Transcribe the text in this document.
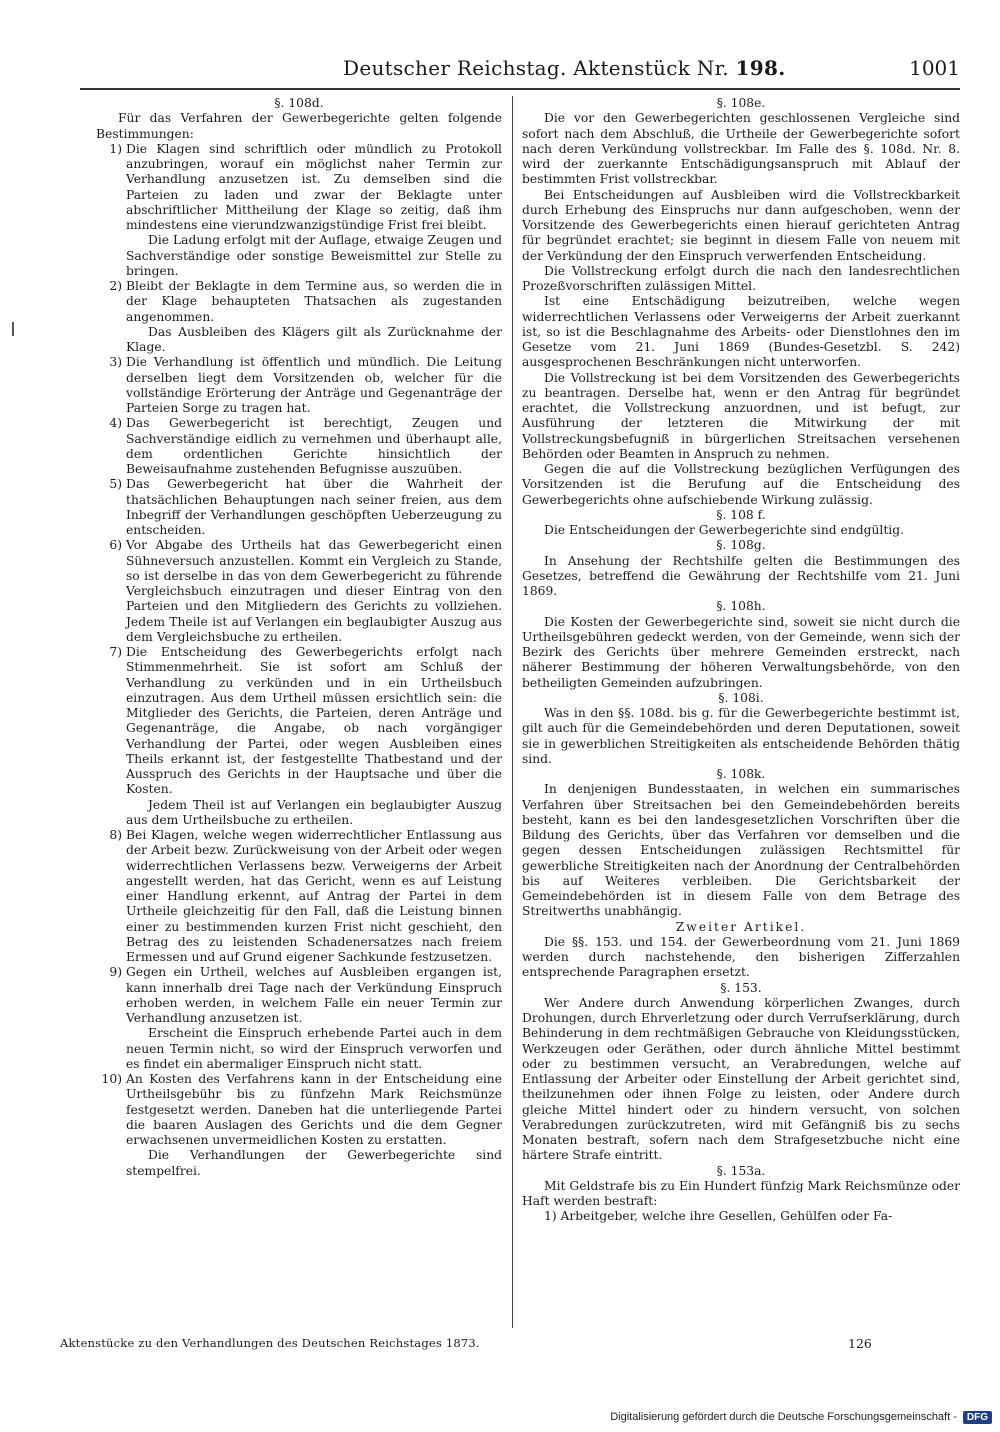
Deutscher Reichstag. Aktenstück Nr. 198.	1001

§. 108d.

Für das Verfahren der Gewerbegerichte gelten folgende Bestimmungen:

1) Die Klagen sind schriftlich oder mündlich zu Protokoll anzubringen, worauf ein möglichst naher Termin zur Verhandlung anzusetzen ist. Zu demselben sind die Parteien zu laden und zwar der Beklagte unter abschriftlicher Mittheilung der Klage so zeitig, daß ihm mindestens eine vierundzwanzigstündige Frist frei bleibt.

Die Ladung erfolgt mit der Auflage, etwaige Zeugen und Sachverständige oder sonstige Beweismittel zur Stelle zu bringen.

2) Bleibt der Beklagte in dem Termine aus, so werden die in der Klage behaupteten Thatsachen als zugestanden angenommen.

Das Ausbleiben des Klägers gilt als Zurücknahme der Klage.

3) Die Verhandlung ist öffentlich und mündlich. Die Leitung derselben liegt dem Vorsitzenden ob, welcher für die vollständige Erörterung der Anträge und Gegenanträge der Parteien Sorge zu tragen hat.
4) Das Gewerbegericht ist berechtigt, Zeugen und Sachverständige eidlich zu vernehmen und überhaupt alle, dem ordentlichen Gerichte hinsichtlich der Beweisaufnahme zustehenden Befugnisse auszuüben.
5) Das Gewerbegericht hat über die Wahrheit der thatsächlichen Behauptungen nach seiner freien, aus dem Inbegriff der Verhandlungen geschöpften Ueberzeugung zu entscheiden.
6) Vor Abgabe des Urtheils hat das Gewerbegericht einen Sühneversuch anzustellen. Kommt ein Vergleich zu Stande, so ist derselbe in das von dem Gewerbegericht zu führende Vergleichsbuch einzutragen und dieser Eintrag von den Parteien und den Mitgliedern des Gerichts zu vollziehen. Jedem Theile ist auf Verlangen ein beglaubigter Auszug aus dem Vergleichsbuche zu ertheilen.
7) Die Entscheidung des Gewerbegerichts erfolgt nach Stimmenmehrheit. Sie ist sofort am Schluß der Verhandlung zu verkünden und in ein Urtheilsbuch einzutragen. Aus dem Urtheil müssen ersichtlich sein: die Mitglieder des Gerichts, die Parteien, deren Anträge und Gegenanträge, die Angabe, ob nach vorgängiger Verhandlung der Partei, oder wegen Ausbleiben eines Theils erkannt ist, der festgestellte Thatbestand und der Ausspruch des Gerichts in der Hauptsache und über die Kosten.

Jedem Theil ist auf Verlangen ein beglaubigter Auszug aus dem Urtheilsbuche zu ertheilen.

8) Bei Klagen, welche wegen widerrechtlicher Entlassung aus der Arbeit bezw. Zurückweisung von der Arbeit oder wegen widerrechtlichen Verlassens bezw. Verweigerns der Arbeit angestellt werden, hat das Gericht, wenn es auf Leistung einer Handlung erkennt, auf Antrag der Partei in dem Urtheile gleichzeitig für den Fall, daß die Leistung binnen einer zu bestimmenden kurzen Frist nicht geschieht, den Betrag des zu leistenden Schadenersatzes nach freiem Ermessen und auf Grund eigener Sachkunde festzusetzen.
9) Gegen ein Urtheil, welches auf Ausbleiben ergangen ist, kann innerhalb drei Tage nach der Verkündung Einspruch erhoben werden, in welchem Falle ein neuer Termin zur Verhandlung anzusetzen ist.

Erscheint die Einspruch erhebende Partei auch in dem neuen Termin nicht, so wird der Einspruch verworfen und es findet ein abermaliger Einspruch nicht statt.

10) An Kosten des Verfahrens kann in der Entscheidung eine Urtheilsgebühr bis zu fünfzehn Mark Reichsmünze festgesetzt werden. Daneben hat die unterliegende Partei die baaren Auslagen des Gerichts und die dem Gegner erwachsenen unvermeidlichen Kosten zu erstatten.

Die Verhandlungen der Gewerbegerichte sind stempelfrei.

§. 108e.

Die vor den Gewerbegerichten geschlossenen Vergleiche sind sofort nach dem Abschluß, die Urtheile der Gewerbegerichte sofort nach deren Verkündung vollstreckbar. Im Falle des §. 108d. Nr. 8. wird der zuerkannte Entschädigungsanspruch mit Ablauf der bestimmten Frist vollstreckbar.

Bei Entscheidungen auf Ausbleiben wird die Vollstreckbarkeit durch Erhebung des Einspruchs nur dann aufgeschoben, wenn der Vorsitzende des Gewerbegerichts einen hierauf gerichteten Antrag für begründet erachtet; sie beginnt in diesem Falle von neuem mit der Verkündung der den Einspruch verwerfenden Entscheidung.

Die Vollstreckung erfolgt durch die nach den landesrechtlichen Prozeßvorschriften zulässigen Mittel.

Ist eine Entschädigung beizutreiben, welche wegen widerrechtlichen Verlassens oder Verweigerns der Arbeit zuerkannt ist, so ist die Beschlagnahme des Arbeits- oder Dienstlohnes den im Gesetze vom 21. Juni 1869 (Bundes-Gesetzbl. S. 242) ausgesprochenen Beschränkungen nicht unterworfen.

Die Vollstreckung ist bei dem Vorsitzenden des Gewerbegerichts zu beantragen. Derselbe hat, wenn er den Antrag für begründet erachtet, die Vollstreckung anzuordnen, und ist befugt, zur Ausführung der letzteren die Mitwirkung der mit Vollstreckungsbefugniß in bürgerlichen Streitsachen versehenen Behörden oder Beamten in Anspruch zu nehmen.

Gegen die auf die Vollstreckung bezüglichen Verfügungen des Vorsitzenden ist die Berufung auf die Entscheidung des Gewerbegerichts ohne aufschiebende Wirkung zulässig.

§. 108 f.

Die Entscheidungen der Gewerbegerichte sind endgültig.

§. 108g.

In Ansehung der Rechtshilfe gelten die Bestimmungen des Gesetzes, betreffend die Gewährung der Rechtshilfe vom 21. Juni 1869.

§. 108h.

Die Kosten der Gewerbegerichte sind, soweit sie nicht durch die Urtheilsgebühren gedeckt werden, von der Gemeinde, wenn sich der Bezirk des Gerichts über mehrere Gemeinden erstreckt, nach näherer Bestimmung der höheren Verwaltungsbehörde, von den betheiligten Gemeinden aufzubringen.

§. 108i.

Was in den §§. 108d. bis g. für die Gewerbegerichte bestimmt ist, gilt auch für die Gemeindebehörden und deren Deputationen, soweit sie in gewerblichen Streitigkeiten als entscheidende Behörden thätig sind.

§. 108k.

In denjenigen Bundesstaaten, in welchen ein summarisches Verfahren über Streitsachen bei den Gemeindebehörden bereits besteht, kann es bei den landesgesetzlichen Vorschriften über die Bildung des Gerichts, über das Verfahren vor demselben und die gegen dessen Entscheidungen zulässigen Rechtsmittel für gewerbliche Streitigkeiten nach der Anordnung der Centralbehörden bis auf Weiteres verbleiben. Die Gerichtsbarkeit der Gemeindebehörden ist in diesem Falle von dem Betrage des Streitwerths unabhängig.

Zweiter Artikel.

Die §§. 153. und 154. der Gewerbeordnung vom 21. Juni 1869 werden durch nachstehende, den bisherigen Zifferzahlen entsprechende Paragraphen ersetzt.

§. 153.

Wer Andere durch Anwendung körperlichen Zwanges, durch Drohungen, durch Ehrverletzung oder durch Verrufserklärung, durch Behinderung in dem rechtmäßigen Gebrauche von Kleidungsstücken, Werkzeugen oder Geräthen, oder durch ähnliche Mittel bestimmt oder zu bestimmen versucht, an Verabredungen, welche auf Entlassung der Arbeiter oder Einstellung der Arbeit gerichtet sind, theilzunehmen oder ihnen Folge zu leisten, oder Andere durch gleiche Mittel hindert oder zu hindern versucht, von solchen Verabredungen zurückzutreten, wird mit Gefängniß bis zu sechs Monaten bestraft, sofern nach dem Strafgesetzbuche nicht eine härtere Strafe eintritt.

§. 153a.

Mit Geldstrafe bis zu Ein Hundert fünfzig Mark Reichsmünze oder Haft werden bestraft:

1) Arbeitgeber, welche ihre Gesellen, Gehülfen oder Fa-

Aktenstücke zu den Verhandlungen des Deutschen Reichstages 1873.	126
Digitalisierung gefördert durch die Deutsche Forschungsgemeinschaft -	DFG
